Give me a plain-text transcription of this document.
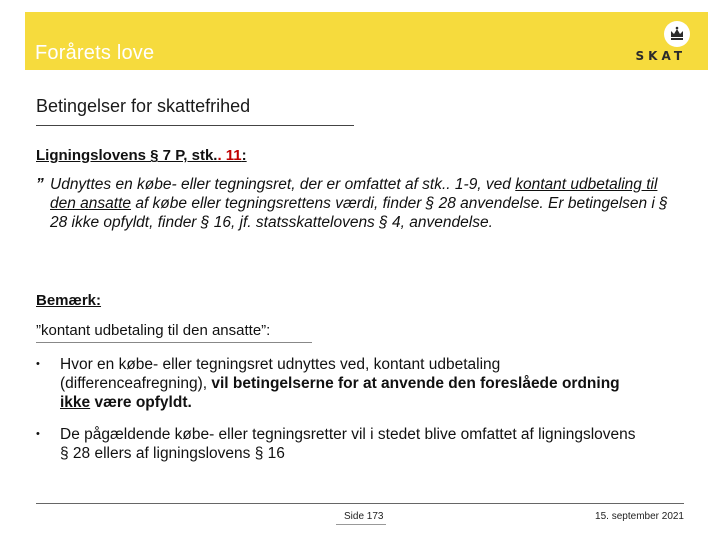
Forårets love	SKAT
Betingelser for skattefrihed
Ligningslovens § 7 P, stk.. 11:
” Udnyttes en købe- eller tegningsret, der er omfattet af stk.. 1-9, ved kontant udbetaling til den ansatte af købe eller tegningsrettens værdi, finder § 28 anvendelse. Er betingelsen i § 28 ikke opfyldt, finder § 16, jf. statsskattelovens § 4, anvendelse.
Bemærk:
”kontant udbetaling til den ansatte”:
• Hvor en købe- eller tegningsret udnyttes ved, kontant udbetaling (differenceafregning), vil betingelserne for at anvende den foreslåede ordning ikke være opfyldt.
• De pågældende købe- eller tegningsretter vil i stedet blive omfattet af ligningslovens § 28 ellers af ligningslovens § 16
Side 173	15. september 2021
